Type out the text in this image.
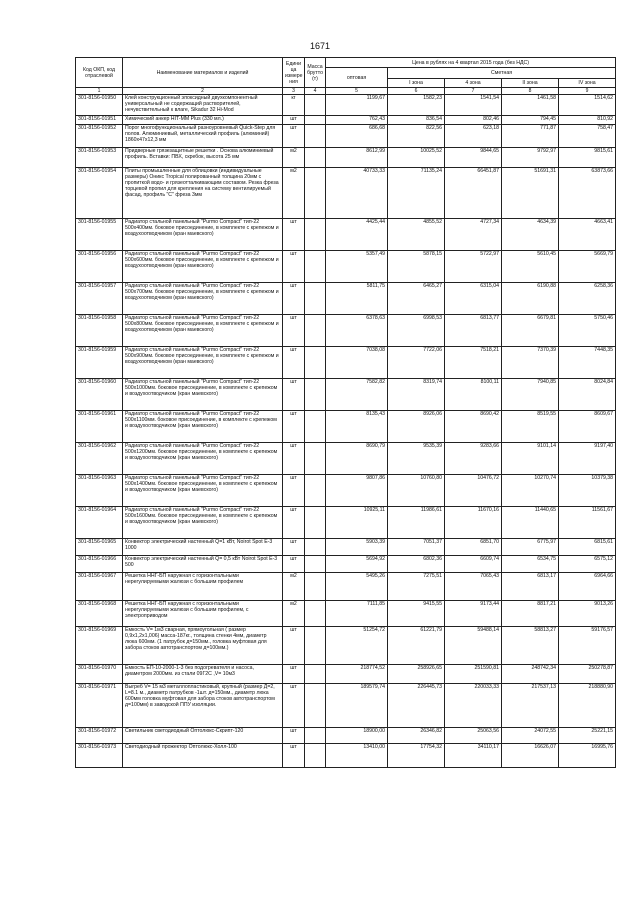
1671
Код ОКП, код отраслевой	Наименование материалов и изделий	Едини ца измере ния	Масса брутто (т)	Цена в рублях на 4 квартал 2015 года (без НДС)				
				оптовая	Сметная			
					I зона	4 зона	II зона	IV зона
1	2	3	4	5	6	7	8	9
301-8156-01950	Клей конструкционный эпоксидный двухкомпонентный универсальный не содержащий растворителей, нечувствительный к влаге, Sikadur 32 Hi-Mod	кг		1199,67	1582,23	1541,54	1461,58	1514,62
301-8156-01951	Химический анкер HIT-MM Plus (330 мл.)	шт		762,43	836,54	802,46	794,45	810,92
301-8156-01952	Порог многофункциональный разноуровневый Quick-Step для полов. Алюминиевый, металлический профиль (алюминий) 1860х47х12,3 мм	шт		686,68	822,56	623,18	771,87	758,47
301-8156-01953	Придверные грязезащитные решетки . Основа алюминиевый профиль. Вставки: ПВХ, скребок, высота 25 мм	м2		8612,99	10025,52	9844,65	9792,97	9815,61
301-8156-01954	Плиты промышленные для облицовки (индивидуальные размеры) Оникс Tropical полированный толщина 20мм с пропиткой водо- и грязеотталкивающим составом. Резка фреза торцевой пропил для крепления на систему вентилируемый фасад, профиль "С" фреза 3мм	м2		40733,33	71135,24	66451,87	51691,31	63873,66
301-8156-01955	Радиатор стальной панельный "Purmo Compact" тип-22 500х400мм. боковое присоединение, в комплекте с крепежом и воздухоотводчиком (кран маевского)	шт		4425,44	4855,52	4727,34	4634,39	4663,41
301-8156-01956	Радиатор стальной панельный "Purmo Compact" тип-22 500х600мм. боковое присоединение, в комплекте с крепежом и воздухоотводчиком (кран маевского)	шт		5357,49	5878,15	5722,97	5610,45	5669,79
301-8156-01957	Радиатор стальной панельный "Purmo Compact" тип-22 500х700мм. боковое присоединение, в комплекте с крепежом и воздухоотводчиком (кран маевского)	шт		5811,75	6465,27	6315,04	6190,88	6258,36
301-8156-01958	Радиатор стальной панельный "Purmo Compact" тип-22 500х800мм. боковое присоединение, в комплекте с крепежом и воздухоотводчиком (кран маевского)	шт		6378,63	6998,53	6813,77	6679,81	5750,46
301-8156-01959	Радиатор стальной панельный "Purmo Compact" тип-22 500х900мм. боковое присоединение, в комплекте с крепежом и воздухоотводчиком (кран маевского)	шт		7038,08	7722,06	7518,21	7370,39	7448,35
301-8156-01960	Радиатор стальной панельный "Purmo Compact" тип-22 500х1000мм. боковое присоединение, в комплекте с крепежом и воздухоотводчиком (кран маевского)	шт		7582,82	8319,74	8100,11	7940,85	8024,84
301-8156-01961	Радиатор стальной панельный "Purmo Compact" тип-22 500х1100мм. боковое присоединение, в комплекте с крепежом и воздухоотводчиком (кран маевского)	шт		8135,43	8926,06	8690,42	8519,55	8609,67
301-8156-01962	Радиатор стальной панельный "Purmo Compact" тип-22 500х1200мм. боковое присоединение, в комплекте с крепежом и воздухоотводчиком (кран маевского)	шт		8690,79	9535,39	9283,66	9101,14	9197,40
301-8156-01963	Радиатор стальной панельный "Purmo Compact" тип-22 500х1400мм. боковое присоединение, в комплекте с крепежом и воздухоотводчиком (кран маевского)	шт		9807,86	10760,80	10476,72	10270,74	10379,38
301-8156-01964	Радиатор стальной панельный "Purmo Compact" тип-22 500х1600мм. боковое присоединение, в комплекте с крепежом и воздухоотводчиком (кран маевского)	шт		10925,11	11986,61	11670,16	11440,65	11561,67
301-8156-01965	Конвектор электрический настенный Q=1 кВт, Noirot Spot E-3 1000	шт		5903,39	7051,37	6851,70	6775,97	6815,61
301-8156-01966	Конвектор электрический настенный Q= 0,5 кВт Noirot Spot E-3 500	шт		5694,92	6802,36	6609,74	6534,75	6575,12
301-8156-01967	Решетка ННГ-БП наружная с горизонтальными нерегулируемыми жалюзи с большим профилем	м2		5495,26	7275,51	7065,43	6813,17	6964,66
301-8156-01968	Решетка ННГ-БП наружная с горизонтальными нерегулируемыми жалюзи с большим профилем, с электроприводом	м2		7111,85	9415,55	9173,44	8817,21	9013,26
301-8156-01969	Емкость V= 1м3 сварная, прямоугольная ( размер 0,9х1,2х1,006) масса-187кг., толщина стенки 4мм, диаметр люка 600мм. (1 патрубок д=150мм., головка муфтовая для забора стоков автотранспортом д=100мм.)	шт		51254,72	61221,79	59488,14	58813,27	59176,57
301-8156-01970	Емкость ЕП-10-2000-1-3 без подогревателя и насоса, диаметром 2000мм. из стали 09Г2С ,V= 10м3	шт		218774,52	258926,65	251590,81	248742,34	250278,87
301-8156-01971	Выгреб V= 15 м3 металлопластиковый, крупный (размер Д=2, L=8.1 м., диаметр патрубков -1шт. д=150мм., диаметр люка 600мм головка муфтовая для забора стоков автотранспортом д=100мм) в заводской ППУ изоляции.	шт		189579,74	226445,73	220033,33	217537,13	218880,90
301-8156-01972	Светильник светодиодный Оптолюкс-Скрипт-120	шт		18900,00	26346,82	25063,56	24072,55	25221,15
301-8156-01973	Светодиодный прожектор Оптолюкс-Холл-100	шт		13410,00	17754,32	34110,17	16626,07	16995,76
